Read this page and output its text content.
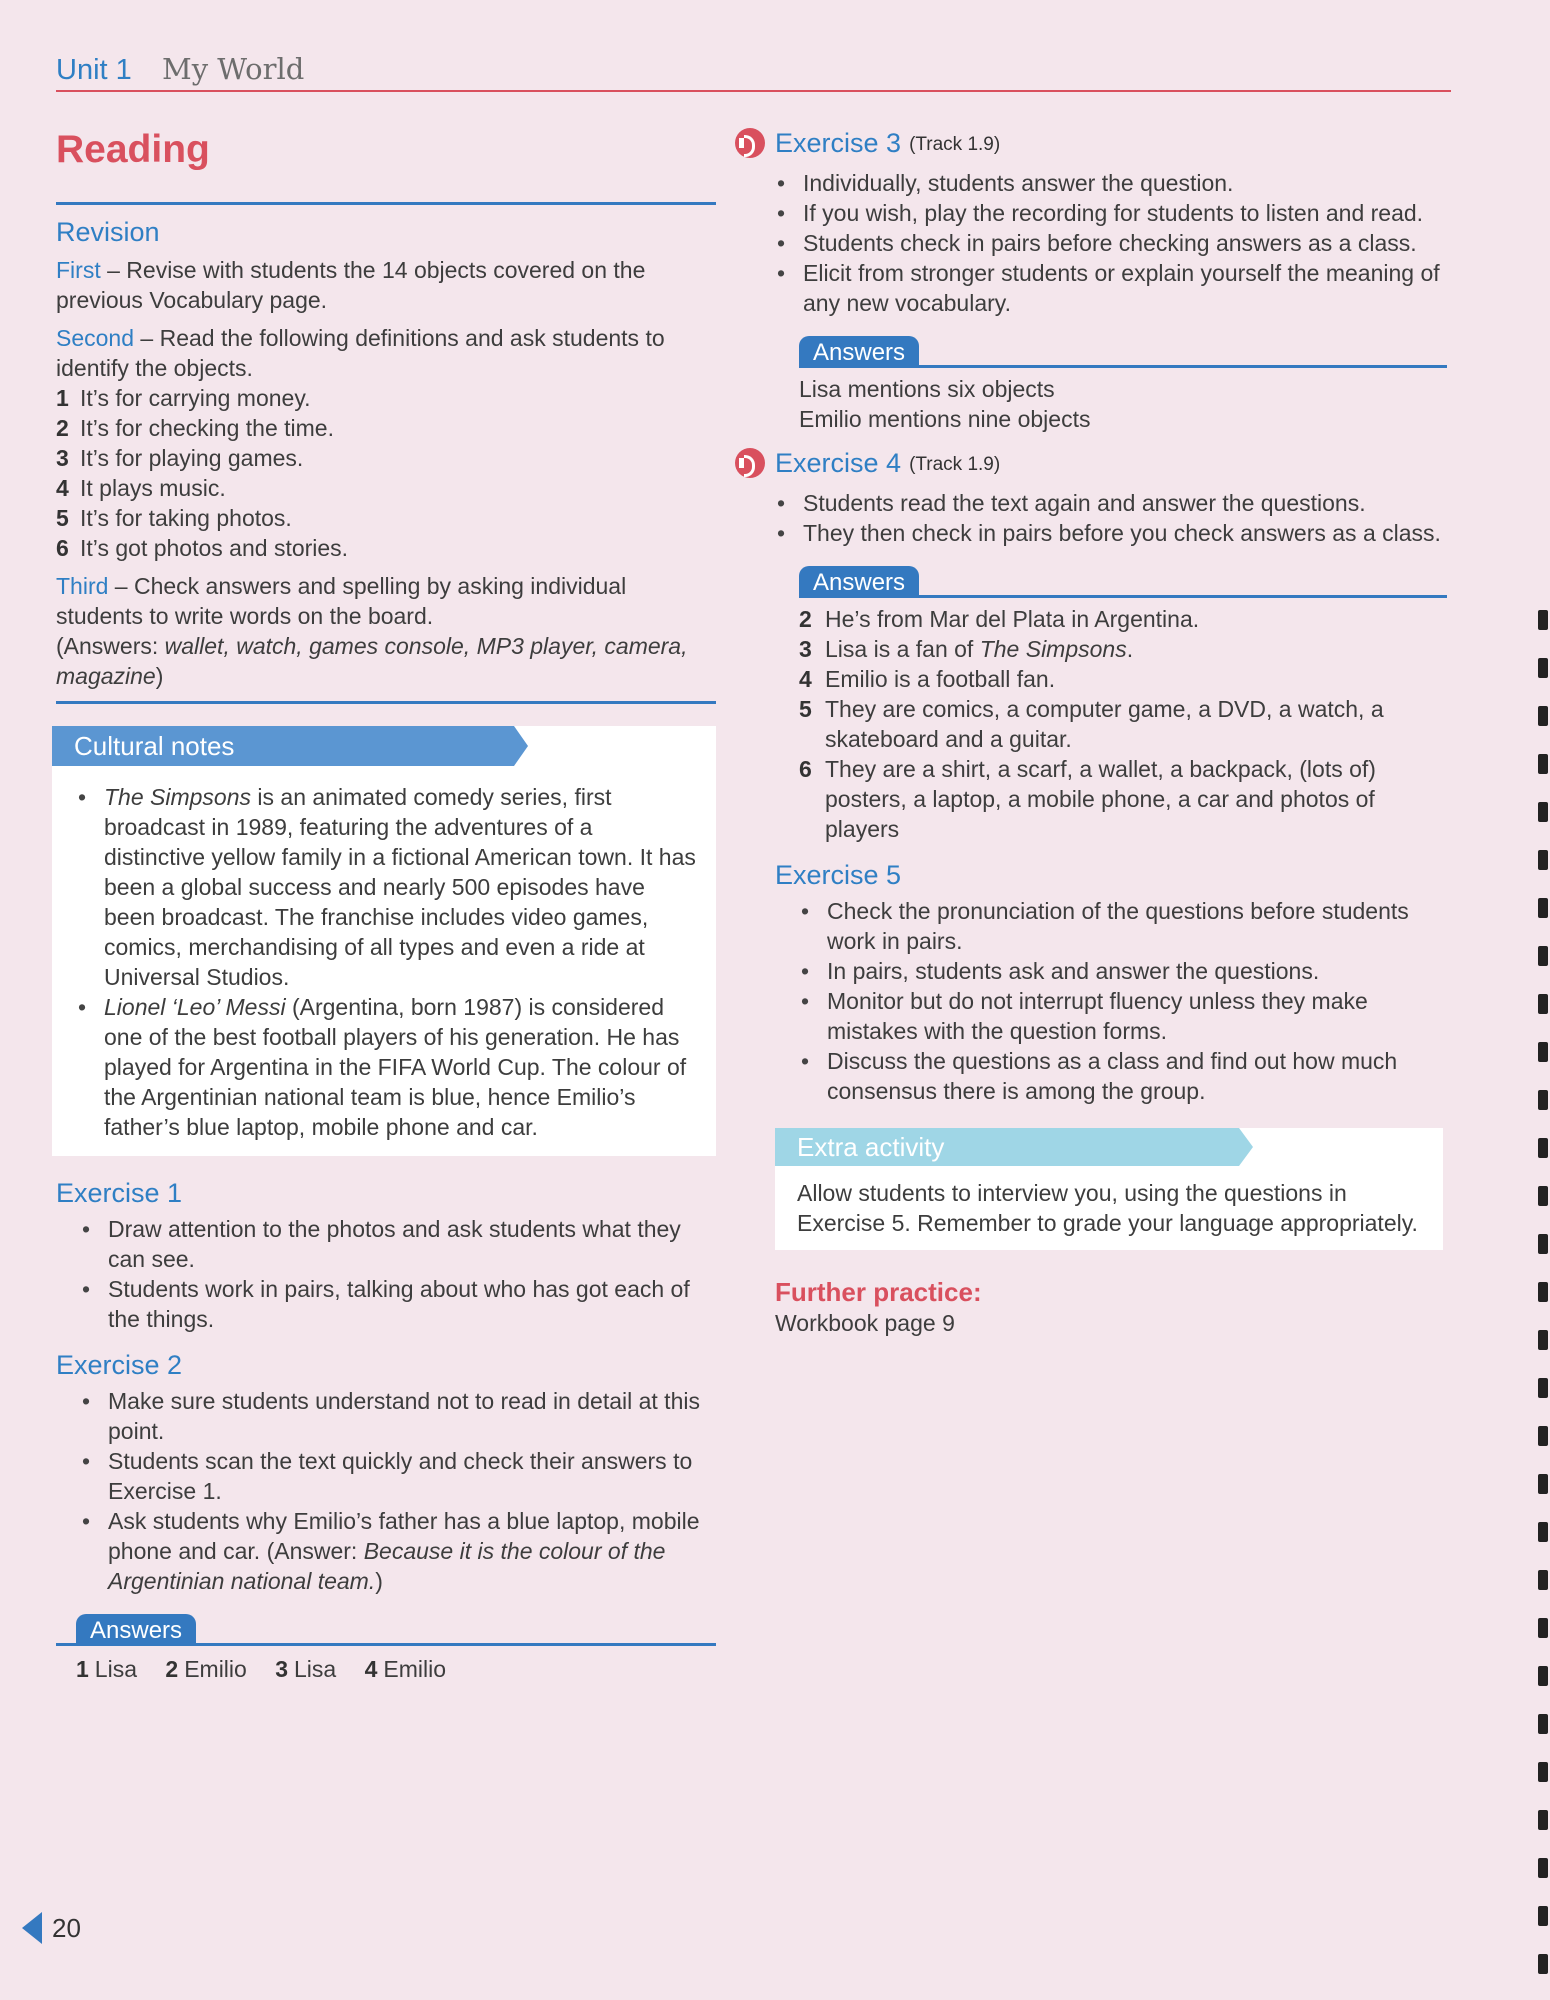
Unit 1 My World
Reading
Revision

First – Revise with students the 14 objects covered on the previous Vocabulary page.

Second – Read the following definitions and ask students to identify the objects.

1 It’s for carrying money.
2 It’s for checking the time.
3 It’s for playing games.
4 It plays music.
5 It’s for taking photos.
6 It’s got photos and stories.

Third – Check answers and spelling by asking individual students to write words on the board.

(Answers: wallet, watch, games console, MP3 player, camera, magazine)

Cultural notes
• The Simpsons is an animated comedy series, first broadcast in 1989, featuring the adventures of a distinctive yellow family in a fictional American town. It has been a global success and nearly 500 episodes have been broadcast. The franchise includes video games, comics, merchandising of all types and even a ride at Universal Studios.
• Lionel ‘Leo’ Messi (Argentina, born 1987) is considered one of the best football players of his generation. He has played for Argentina in the FIFA World Cup. The colour of the Argentinian national team is blue, hence Emilio’s father’s blue laptop, mobile phone and car.
Exercise 1
• Draw attention to the photos and ask students what they can see.
• Students work in pairs, talking about who has got each of the things.
Exercise 2
• Make sure students understand not to read in detail at this point.
• Students scan the text quickly and check their answers to Exercise 1.
• Ask students why Emilio’s father has a blue laptop, mobile phone and car. (Answer: Because it is the colour of the Argentinian national team.)
Answers
1 Lisa 2 Emilio 3 Lisa 4 Emilio
Exercise 3 (Track 1.9)
• Individually, students answer the question.
• If you wish, play the recording for students to listen and read.
• Students check in pairs before checking answers as a class.
• Elicit from stronger students or explain yourself the meaning of any new vocabulary.
Answers
Lisa mentions six objects
Emilio mentions nine objects
Exercise 4 (Track 1.9)
• Students read the text again and answer the questions.
• They then check in pairs before you check answers as a class.
Answers
2 He’s from Mar del Plata in Argentina.
3 Lisa is a fan of The Simpsons.
4 Emilio is a football fan.
5 They are comics, a computer game, a DVD, a watch, a skateboard and a guitar.
6 They are a shirt, a scarf, a wallet, a backpack, (lots of) posters, a laptop, a mobile phone, a car and photos of players
Exercise 5
• Check the pronunciation of the questions before students work in pairs.
• In pairs, students ask and answer the questions.
• Monitor but do not interrupt fluency unless they make mistakes with the question forms.
• Discuss the questions as a class and find out how much consensus there is among the group.
Extra activity
Allow students to interview you, using the questions in Exercise 5. Remember to grade your language appropriately.
Further practice:
Workbook page 9
20
